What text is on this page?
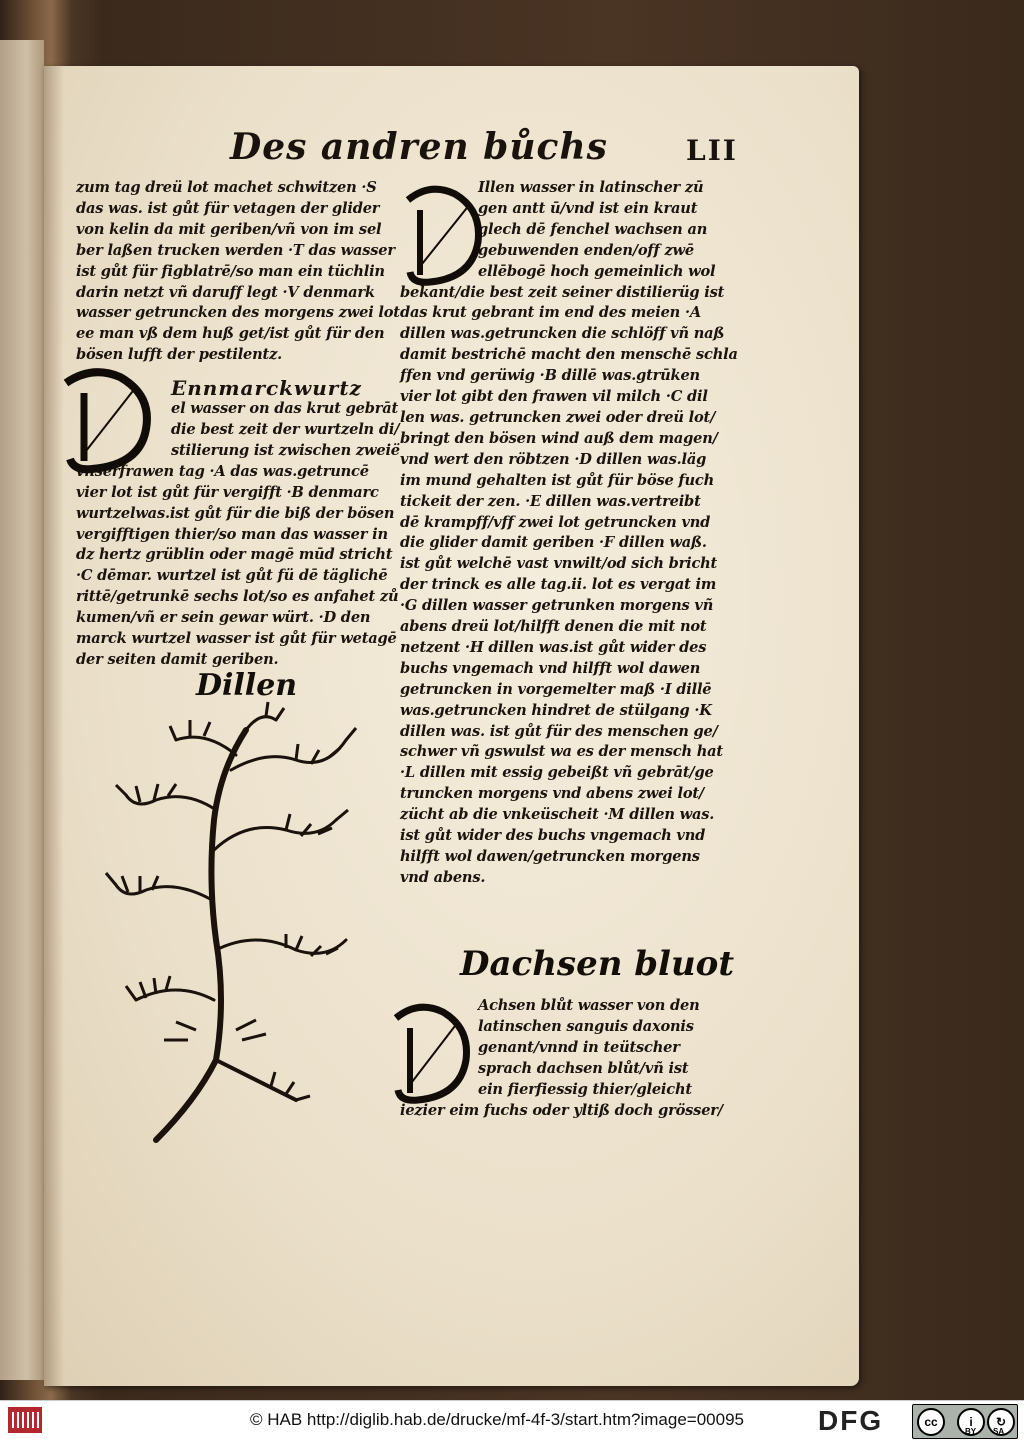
Des andren bůchs	LII
zum tag dreü lot machet schwitzen ·S
das was. ist gůt für vetagen der glider
von kelin da mit geriben/vñ von im sel
ber laßen trucken werden ·T das wasser
ist gůt für figblatrē/so man ein tüchlin
darin netzt vñ daruff legt ·V denmark
wasser getruncken des morgens zwei lot
ee man vß dem huß get/ist gůt für den
bösen lufft der pestilentz.
Ennmarckwurtz
el wasser on das krut gebrāt
die best zeit der wurtzeln di/
stilierung ist zwischen zweië
vnserfrawen tag ·A das was.getruncē
vier lot ist gůt für vergifft ·B denmarc
wurtzelwas.ist gůt für die biß der bösen
vergifftigen thier/so man das wasser in
dz hertz grüblin oder magē mūd stricht
·C dēmar. wurtzel ist gůt fü dē täglichē
rittē/getrunkē sechs lot/so es anfahet zů
kumen/vñ er sein gewar würt. ·D den
marck wurtzel wasser ist gůt für wetagē
der seiten damit geriben.
Illen wasser in latinscher zū
gen antt ū/vnd ist ein kraut
glech dē fenchel wachsen an
gebuwenden enden/off zwē
ellēbogē hoch gemeinlich wol
bekant/die best zeit seiner distilierüg ist
das krut gebrant im end des meien ·A
dillen was.getruncken die schlöff vñ naß
damit bestrichē macht den menschē schla
ffen vnd gerüwig ·B dillē was.gtrūken
vier lot gibt den frawen vil milch ·C dil
len was. getruncken zwei oder dreü lot/
bringt den bösen wind auß dem magen/
vnd wert den röbtzen ·D dillen was.läg
im mund gehalten ist gůt für böse fuch
tickeit der zen. ·E dillen was.vertreibt
dē krampff/vff zwei lot getruncken vnd
die glider damit geriben ·F dillen waß.
ist gůt welchē vast vnwilt/od sich bricht
der trinck es alle tag.ii. lot es vergat im
·G dillen wasser getrunken morgens vñ
abens dreü lot/hilfft denen die mit not
netzent ·H dillen was.ist gůt wider des
buchs vngemach vnd hilfft wol dawen
getruncken in vorgemelter maß ·I dillē
was.getruncken hindret de stülgang ·K
dillen was. ist gůt für des menschen ge/
schwer vñ gswulst wa es der mensch hat
·L dillen mit essig gebeißt vñ gebrāt/ge
truncken morgens vnd abens zwei lot/
zücht ab die vnkeüscheit ·M dillen was.
ist gůt wider des buchs vngemach vnd
hilfft wol dawen/getruncken morgens
vnd abens.
Achsen blůt wasser von den
latinschen sanguis daxonis
genant/vnnd in teütscher
sprach dachsen blůt/vñ ist
ein fierfiessig thier/gleicht
iezier eim fuchs oder yltiß doch grösser/
Dillen
Dachsen bluot
© HAB http://diglib.hab.de/drucke/mf-4f-3/start.htm?image=00095	DFG	cc	i	↻
BY SA
